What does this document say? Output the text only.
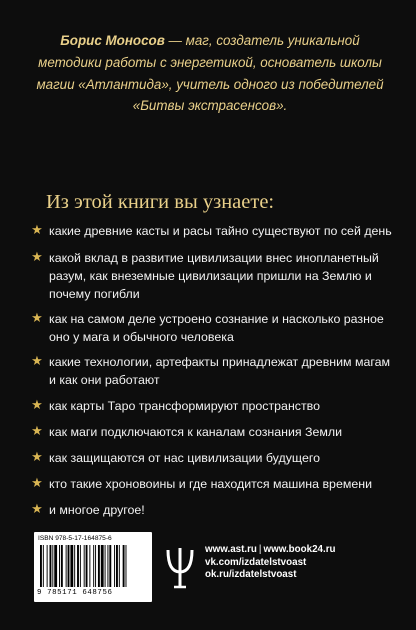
Борис Моносов — маг, создатель уникальной методики работы с энергетикой, основатель школы магии «Атлантида», учитель одного из победителей «Битвы экстрасенсов».
Из этой книги вы узнаете:
★ какие древние касты и расы тайно существуют по сей день
★ какой вклад в развитие цивилизации внес инопланетный разум, как внеземные цивилизации пришли на Землю и почему погибли
★ как на самом деле устроено сознание и насколько разное оно у мага и обычного человека
★ какие технологии, артефакты принадлежат древним магам и как они работают
★ как карты Таро трансформируют пространство
★ как маги подключаются к каналам сознания Земли
★ как защищаются от нас цивилизации будущего
★ кто такие хроновоины и где находится машина времени
★ и многое другое!
ISBN 978-5-17-164875-6
9 785171 648756
www.ast.ru | www.book24.ru
vk.com/izdatelstvoast
ok.ru/izdatelstvoast
